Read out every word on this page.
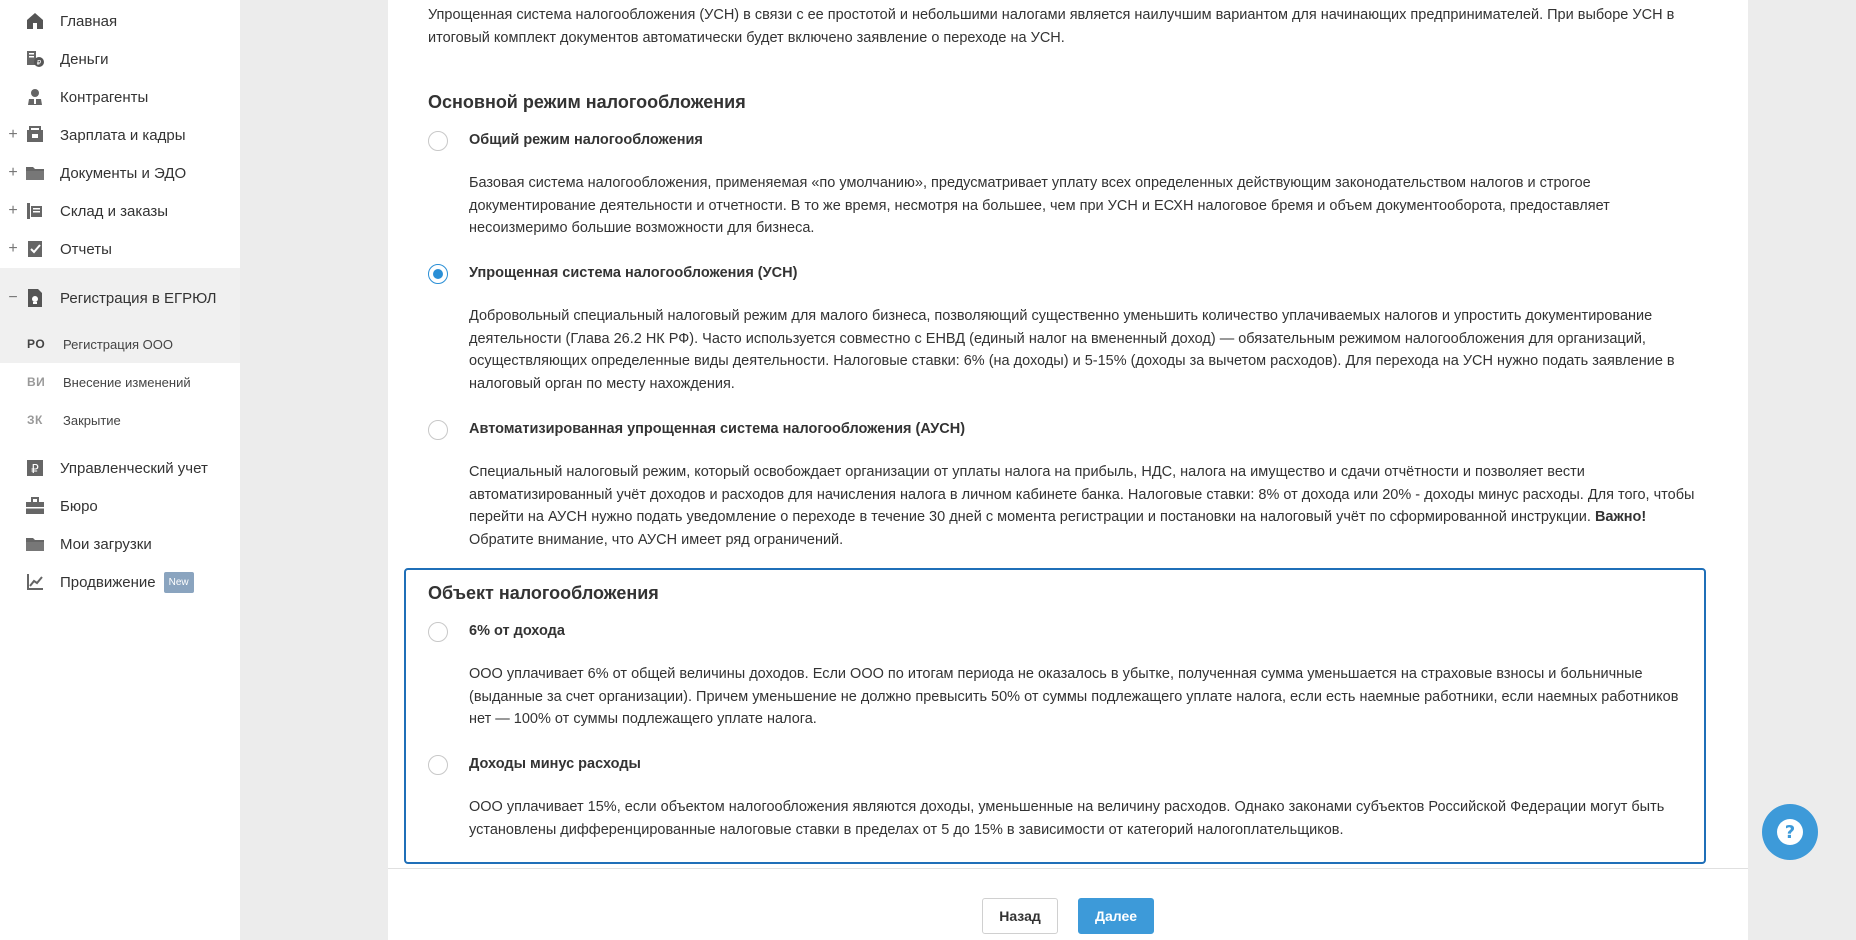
Главная
₽ Деньги
Контрагенты
+	Зарплата и кадры
+	Документы и ЭДО
+	Склад и заказы
+	Отчеты
−	Регистрация в ЕГРЮЛ
РО Регистрация ООО
ВИ Внесение изменений
ЗК Закрытие
₽ Управленческий учет
Бюро
Мои загрузки
Продвижение New

Упрощенная система налогообложения (УСН) в связи с ее простотой и небольшими налогами является наилучшим вариантом для начинающих предпринимателей. При выборе УСН в итоговый комплект документов автоматически будет включено заявление о переходе на УСН.

Основной режим налогообложения
Общий режим налогообложения

Базовая система налогообложения, применяемая «по умолчанию», предусматривает уплату всех определенных действующим законодательством налогов и строгое документирование деятельности и отчетности. В то же время, несмотря на большее, чем при УСН и ЕСХН налоговое бремя и объем документооборота, предоставляет несоизмеримо большие возможности для бизнеса.

Упрощенная система налогообложения (УСН)

Добровольный специальный налоговый режим для малого бизнеса, позволяющий существенно уменьшить количество уплачиваемых налогов и упростить документирование деятельности (Глава 26.2 НК РФ). Часто используется совместно с ЕНВД (единый налог на вмененный доход) — обязательным режимом налогообложения для организаций, осуществляющих определенные виды деятельности. Налоговые ставки: 6% (на доходы) и 5-15% (доходы за вычетом расходов). Для перехода на УСН нужно подать заявление в налоговый орган по месту нахождения.

Автоматизированная упрощенная система налогообложения (АУСН)

Специальный налоговый режим, который освобождает организации от уплаты налога на прибыль, НДС, налога на имущество и сдачи отчётности и позволяет вести автоматизированный учёт доходов и расходов для начисления налога в личном кабинете банка. Налоговые ставки: 8% от дохода или 20% - доходы минус расходы. Для того, чтобы перейти на АУСН нужно подать уведомление о переходе в течение 30 дней с момента регистрации и постановки на налоговый учёт по сформированной инструкции. Важно! Обратите внимание, что АУСН имеет ряд ограничений.

Объект налогообложения
6% от дохода

ООО уплачивает 6% от общей величины доходов. Если ООО по итогам периода не оказалось в убытке, полученная сумма уменьшается на страховые взносы и больничные (выданные за счет организации). Причем уменьшение не должно превысить 50% от суммы подлежащего уплате налога, если есть наемные работники, если наемных работников нет — 100% от суммы подлежащего уплате налога.

Доходы минус расходы

ООО уплачивает 15%, если объектом налогообложения являются доходы, уменьшенные на величину расходов. Однако законами субъектов Российской Федерации могут быть установлены дифференцированные налоговые ставки в пределах от 5 до 15% в зависимости от категорий налогоплательщиков.

Назад	Далее
?
